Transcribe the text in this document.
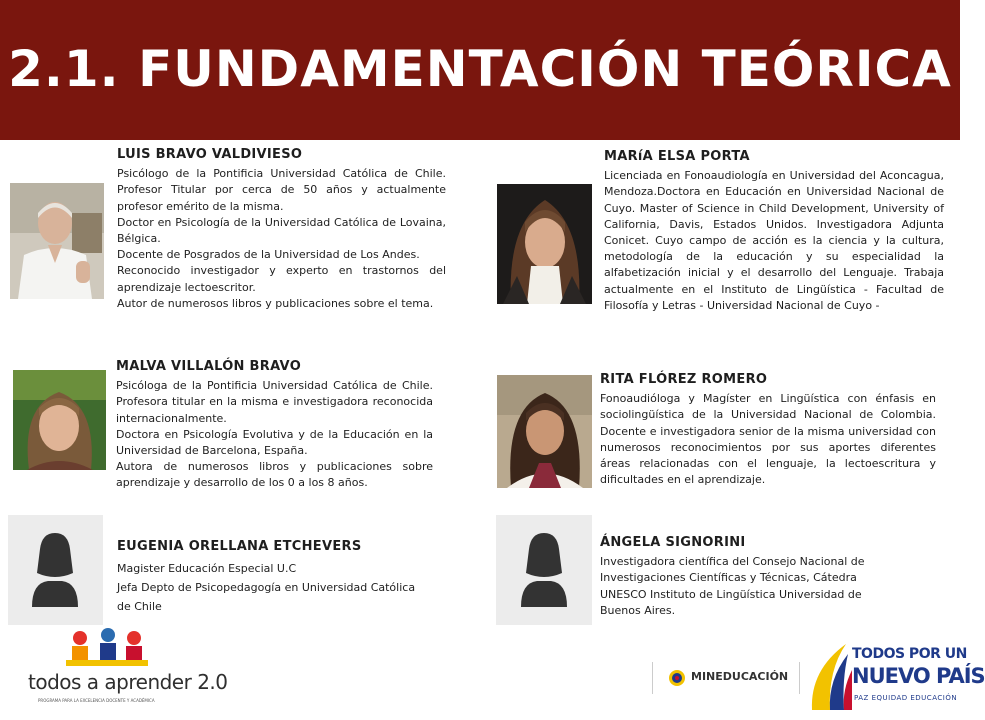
2.1. FUNDAMENTACIÓN TEÓRICA

LUIS BRAVO VALDIVIESO

Psicólogo de la Pontificia Universidad Católica de Chile. Profesor Titular por cerca de 50 años y actualmente profesor emérito de la misma.

Doctor en Psicología de la Universidad Católica de Lovaina, Bélgica.

Docente de Posgrados de la Universidad de Los Andes.

Reconocido investigador y experto en trastornos del aprendizaje lectoescritor.

Autor de numerosos libros y publicaciones sobre el tema.

MARíA ELSA PORTA

Licenciada en Fonoaudiología en Universidad del Aconcagua, Mendoza.Doctora en Educación en Universidad Nacional de Cuyo. Master of Science in Child Development, University of California, Davis, Estados Unidos. Investigadora Adjunta Conicet. Cuyo campo de acción es la ciencia y la cultura, metodología de la educación y su especialidad la alfabetización inicial y el desarrollo del Lenguaje. Trabaja actualmente en el Instituto de Lingüística - Facultad de Filosofía y Letras - Universidad Nacional de Cuyo -

MALVA VILLALÓN BRAVO

Psicóloga de la Pontificia Universidad Católica de Chile. Profesora titular en la misma e investigadora reconocida internacionalmente.

Doctora en Psicología Evolutiva y de la Educación en la Universidad de Barcelona, España.

Autora de numerosos libros y publicaciones sobre aprendizaje y desarrollo de los 0 a los 8 años.

RITA FLÓREZ ROMERO

Fonoaudióloga y Magíster en Lingüística con énfasis en sociolingüística de la Universidad Nacional de Colombia. Docente e investigadora senior de la misma universidad con numerosos reconocimientos por sus aportes diferentes áreas relacionadas con el lenguaje, la lectoescritura y dificultades en el aprendizaje.

EUGENIA ORELLANA ETCHEVERS

Magister Educación Especial U.C

Jefa Depto de Psicopedagogía en Universidad Católica de Chile

ÁNGELA SIGNORINI

Investigadora científica del Consejo Nacional de Investigaciones Científicas y Técnicas, Cátedra UNESCO Instituto de Lingüística Universidad de Buenos Aires.

todos a aprender 2.0
PROGRAMA PARA LA EXCELENCIA DOCENTE Y ACADÉMICA
MINEDUCACIÓN
TODOS POR UN
NUEVO PAÍS
PAZ EQUIDAD EDUCACIÓN
